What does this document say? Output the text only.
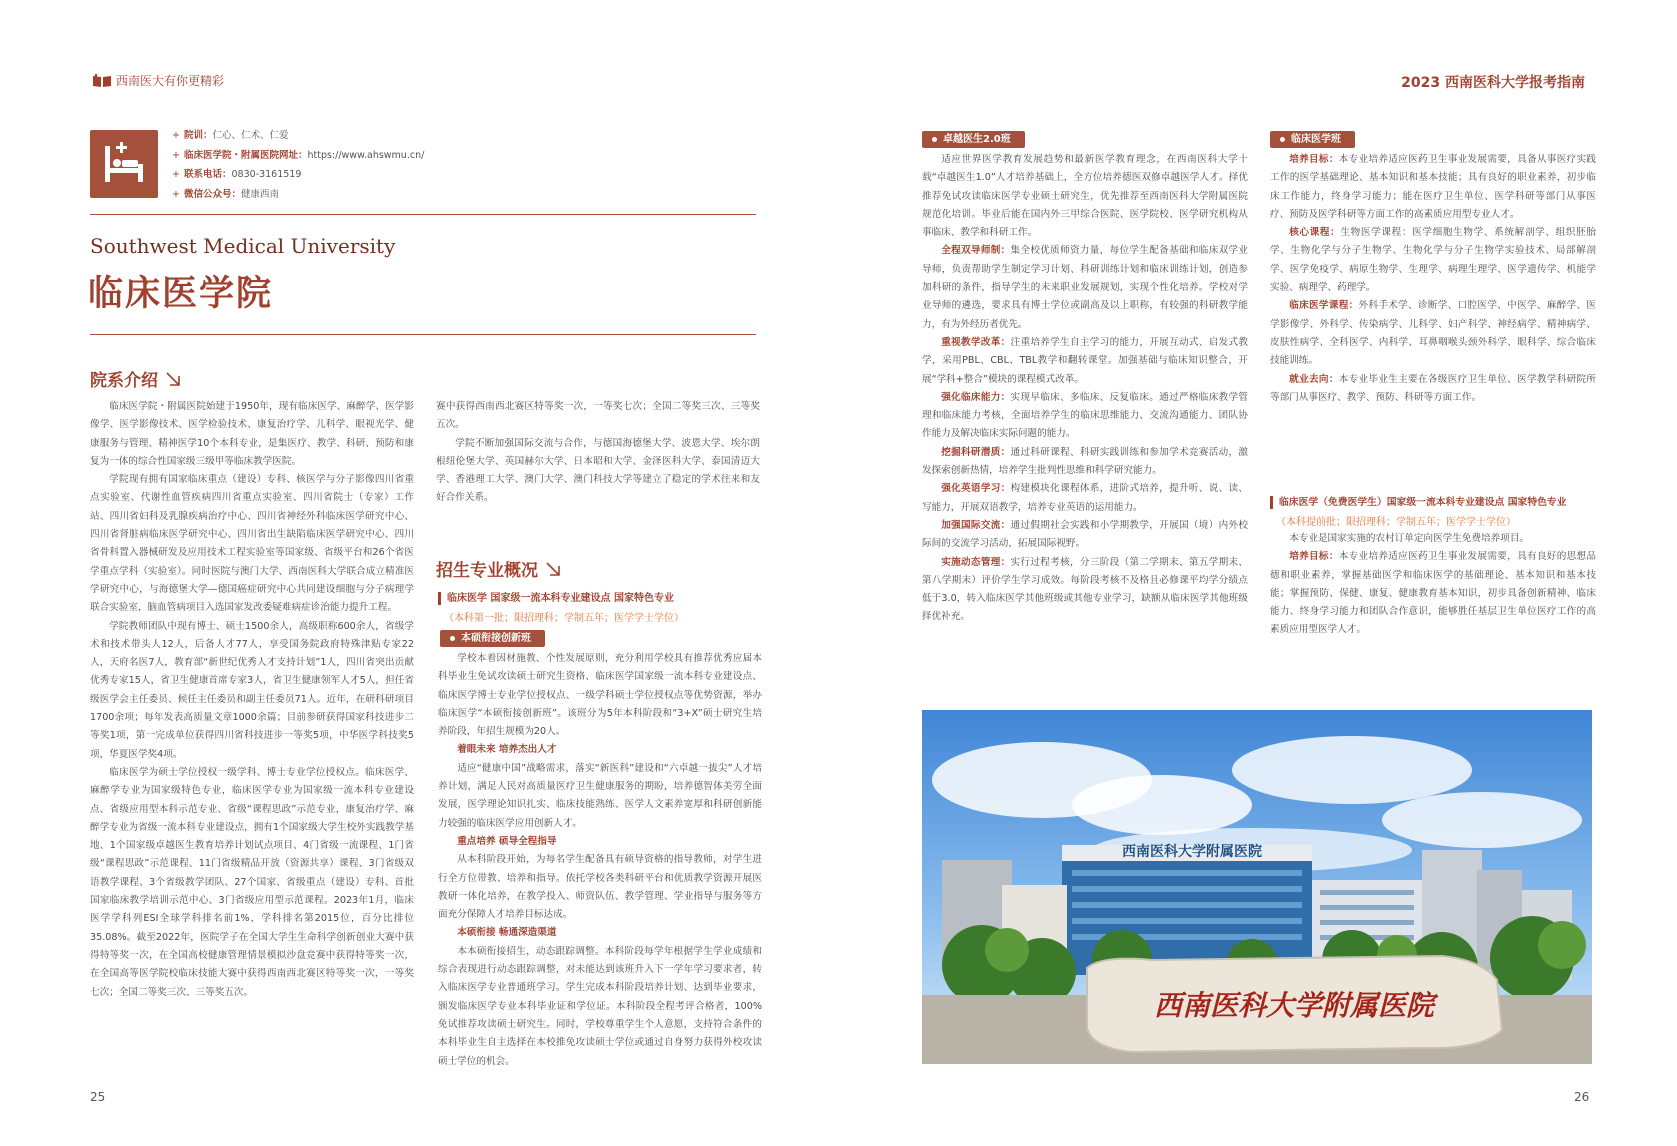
西南医大有你更精彩	2023 西南医科大学报考指南
+ 院训：仁心、仁术、仁爱
+ 临床医学院・附属医院网址：https://www.ahswmu.cn/
+ 联系电话：0830-3161519
+ 微信公众号：健康西南
Southwest Medical University
临床医学院
院系介绍

临床医学院・附属医院始建于1950年，现有临床医学、麻醉学、医学影像学、医学影像技术、医学检验技术、康复治疗学、儿科学、眼视光学、健康服务与管理、精神医学10个本科专业，是集医疗、教学、科研、预防和康复为一体的综合性国家级三级甲等临床教学医院。

学院现有拥有国家临床重点（建设）专科、核医学与分子影像四川省重点实验室、代谢性血管疾病四川省重点实验室、四川省院士（专家）工作站、四川省妇科及乳腺疾病治疗中心、四川省神经外科临床医学研究中心、四川省肾脏病临床医学研究中心、四川省出生缺陷临床医学研究中心、四川省骨科置入器械研发及应用技术工程实验室等国家级、省级平台和26个省医学重点学科（实验室）。同时医院与澳门大学、西南医科大学联合成立精准医学研究中心，与海德堡大学—德国癌症研究中心共同建设细胞与分子病理学联合实验室，脑血管病项目入选国家发改委疑难病症诊治能力提升工程。

学院教师团队中现有博士、硕士1500余人，高级职称600余人，省级学术和技术带头人12人，后备人才77人，享受国务院政府特殊津贴专家22人，天府名医7人，教育部“新世纪优秀人才支持计划”1人，四川省突出贡献优秀专家15人，省卫生健康首席专家3人，省卫生健康领军人才5人，担任省级医学会主任委员、候任主任委员和副主任委员71人。近年，在研科研项目1700余项；每年发表高质量文章1000余篇；目前参研获得国家科技进步二等奖1项，第一完成单位获得四川省科技进步一等奖5项，中华医学科技奖5项，华夏医学奖4项。

临床医学为硕士学位授权一级学科、博士专业学位授权点。临床医学、麻醉学专业为国家级特色专业，临床医学专业为国家级一流本科专业建设点、省级应用型本科示范专业、省级“课程思政”示范专业，康复治疗学、麻醉学专业为省级一流本科专业建设点，拥有1个国家级大学生校外实践教学基地、1个国家级卓越医生教育培养计划试点项目、4门省级一流课程、1门省级“课程思政”示范课程、11门省级精品开放（资源共享）课程、3门省级双语教学课程、3个省级教学团队、27个国家、省级重点（建设）专科、首批国家临床教学培训示范中心、3门省级应用型示范课程。2023年1月，临床医学学科列ESI全球学科排名前1%，学科排名第2015位，百分比排位35.08%。截至2022年，医院学子在全国大学生生命科学创新创业大赛中获得特等奖一次，在全国高校健康管理情景模拟沙盘竞赛中获得特等奖一次，在全国高等医学院校临床技能大赛中获得西南西北赛区特等奖一次，一等奖七次；全国二等奖三次、三等奖五次。

赛中获得西南西北赛区特等奖一次，一等奖七次；全国二等奖三次、三等奖五次。

学院不断加强国际交流与合作，与德国海德堡大学、波恩大学、埃尔朗根纽伦堡大学、英国赫尔大学、日本昭和大学、金泽医科大学、泰国清迈大学、香港理工大学、澳门大学、澳门科技大学等建立了稳定的学术往来和友好合作关系。

招生专业概况
临床医学 国家级一流本科专业建设点 国家特色专业
（本科第一批；限招理科；学制五年；医学学士学位）
本硕衔接创新班

学校本着因材施教、个性发展原则，充分利用学校具有推荐优秀应届本科毕业生免试攻读硕士研究生资格、临床医学国家级一流本科专业建设点、临床医学博士专业学位授权点、一级学科硕士学位授权点等优势资源，举办临床医学“本硕衔接创新班”。该班分为5年本科阶段和“3+X”硕士研究生培养阶段，年招生规模为20人。

着眼未来 培养杰出人才

适应“健康中国”战略需求，落实“新医科”建设和“六卓越一拔尖”人才培养计划，满足人民对高质量医疗卫生健康服务的期盼，培养德智体美劳全面发展，医学理论知识扎实、临床技能熟练、医学人文素养宽厚和科研创新能力较强的临床医学应用创新人才。

重点培养 硕导全程指导

从本科阶段开始，为每名学生配备具有硕导资格的指导教师，对学生进行全方位带教、培养和指导。依托学校各类科研平台和优质教学资源开展医教研一体化培养，在教学投入、师资队伍、教学管理、学业指导与服务等方面充分保障人才培养目标达成。

本硕衔接 畅通深造渠道

本本硕衔接招生，动态跟踪调整。本科阶段每学年根据学生学业成绩和综合表现进行动态跟踪调整，对未能达到该班升入下一学年学习要求者，转入临床医学专业普通班学习。学生完成本科阶段培养计划、达到毕业要求，颁发临床医学专业本科毕业证和学位证。本科阶段全程考评合格者，100%免试推荐攻读硕士研究生。同时，学校尊重学生个人意愿，支持符合条件的本科毕业生自主选择在本校推免攻读硕士学位或通过自身努力获得外校攻读硕士学位的机会。

卓越医生2.0班

适应世界医学教育发展趋势和最新医学教育理念，在西南医科大学十载“卓越医生1.0”人才培养基础上，全方位培养德医双修卓越医学人才。择优推荐免试攻读临床医学专业硕士研究生，优先推荐至西南医科大学附属医院规范化培训。毕业后能在国内外三甲综合医院、医学院校、医学研究机构从事临床、教学和科研工作。

全程双导师制：集全校优质师资力量，每位学生配备基础和临床双学业导师，负责帮助学生制定学习计划、科研训练计划和临床训练计划，创造参加科研的条件，指导学生的未来职业发展规划，实现个性化培养。学校对学业导师的遴选，要求具有博士学位或副高及以上职称，有较强的科研教学能力，有为外经历者优先。

重视教学改革：注重培养学生自主学习的能力，开展互动式、启发式教学，采用PBL、CBL、TBL教学和翻转课堂。加强基础与临床知识整合，开展“学科+整合”模块的课程模式改革。

强化临床能力：实现早临床、多临床、反复临床。通过严格临床教学管理和临床能力考核，全面培养学生的临床思维能力、交流沟通能力、团队协作能力及解决临床实际问题的能力。

挖掘科研潜质：通过科研课程、科研实践训练和参加学术竞赛活动，激发探索创新热情，培养学生批判性思维和科学研究能力。

强化英语学习：构建模块化课程体系，进阶式培养，提升听、说、读、写能力，开展双语教学，培养专业英语的运用能力。

加强国际交流：通过假期社会实践和小学期教学，开展国（境）内外校际间的交流学习活动，拓展国际视野。

实施动态管理：实行过程考核，分三阶段（第二学期末、第五学期末、第八学期末）评价学生学习成效。每阶段考核不及格且必修课平均学分绩点低于3.0，转入临床医学其他班级或其他专业学习，缺额从临床医学其他班级择优补充。

临床医学班

培养目标：本专业培养适应医药卫生事业发展需要，具备从事医疗实践工作的医学基础理论、基本知识和基本技能；具有良好的职业素养，初步临床工作能力，终身学习能力；能在医疗卫生单位、医学科研等部门从事医疗、预防及医学科研等方面工作的高素质应用型专业人才。

核心课程：生物医学课程：医学细胞生物学、系统解剖学、组织胚胎学、生物化学与分子生物学、生物化学与分子生物学实验技术、局部解剖学、医学免疫学、病原生物学、生理学、病理生理学、医学遗传学、机能学实验、病理学、药理学。

临床医学课程：外科手术学、诊断学、口腔医学、中医学、麻醉学、医学影像学、外科学、传染病学、儿科学、妇产科学、神经病学、精神病学、皮肤性病学、全科医学、内科学、耳鼻咽喉头颈外科学、眼科学、综合临床技能训练。

就业去向：本专业毕业生主要在各级医疗卫生单位、医学教学科研院所等部门从事医疗、教学、预防、科研等方面工作。

临床医学（免费医学生）国家级一流本科专业建设点 国家特色专业
（本科提前批；限招理科；学制五年；医学学士学位）

本专业是国家实施的农村订单定向医学生免费培养项目。

培养目标：本专业培养适应医药卫生事业发展需要，具有良好的思想品德和职业素养，掌握基础医学和临床医学的基础理论、基本知识和基本技能；掌握预防、保健、康复、健康教育基本知识，初步具备创新精神、临床能力、终身学习能力和团队合作意识，能够胜任基层卫生单位医疗工作的高素质应用型医学人才。

西南医科大学附属医院
西南医科大学附属医院
25	26
